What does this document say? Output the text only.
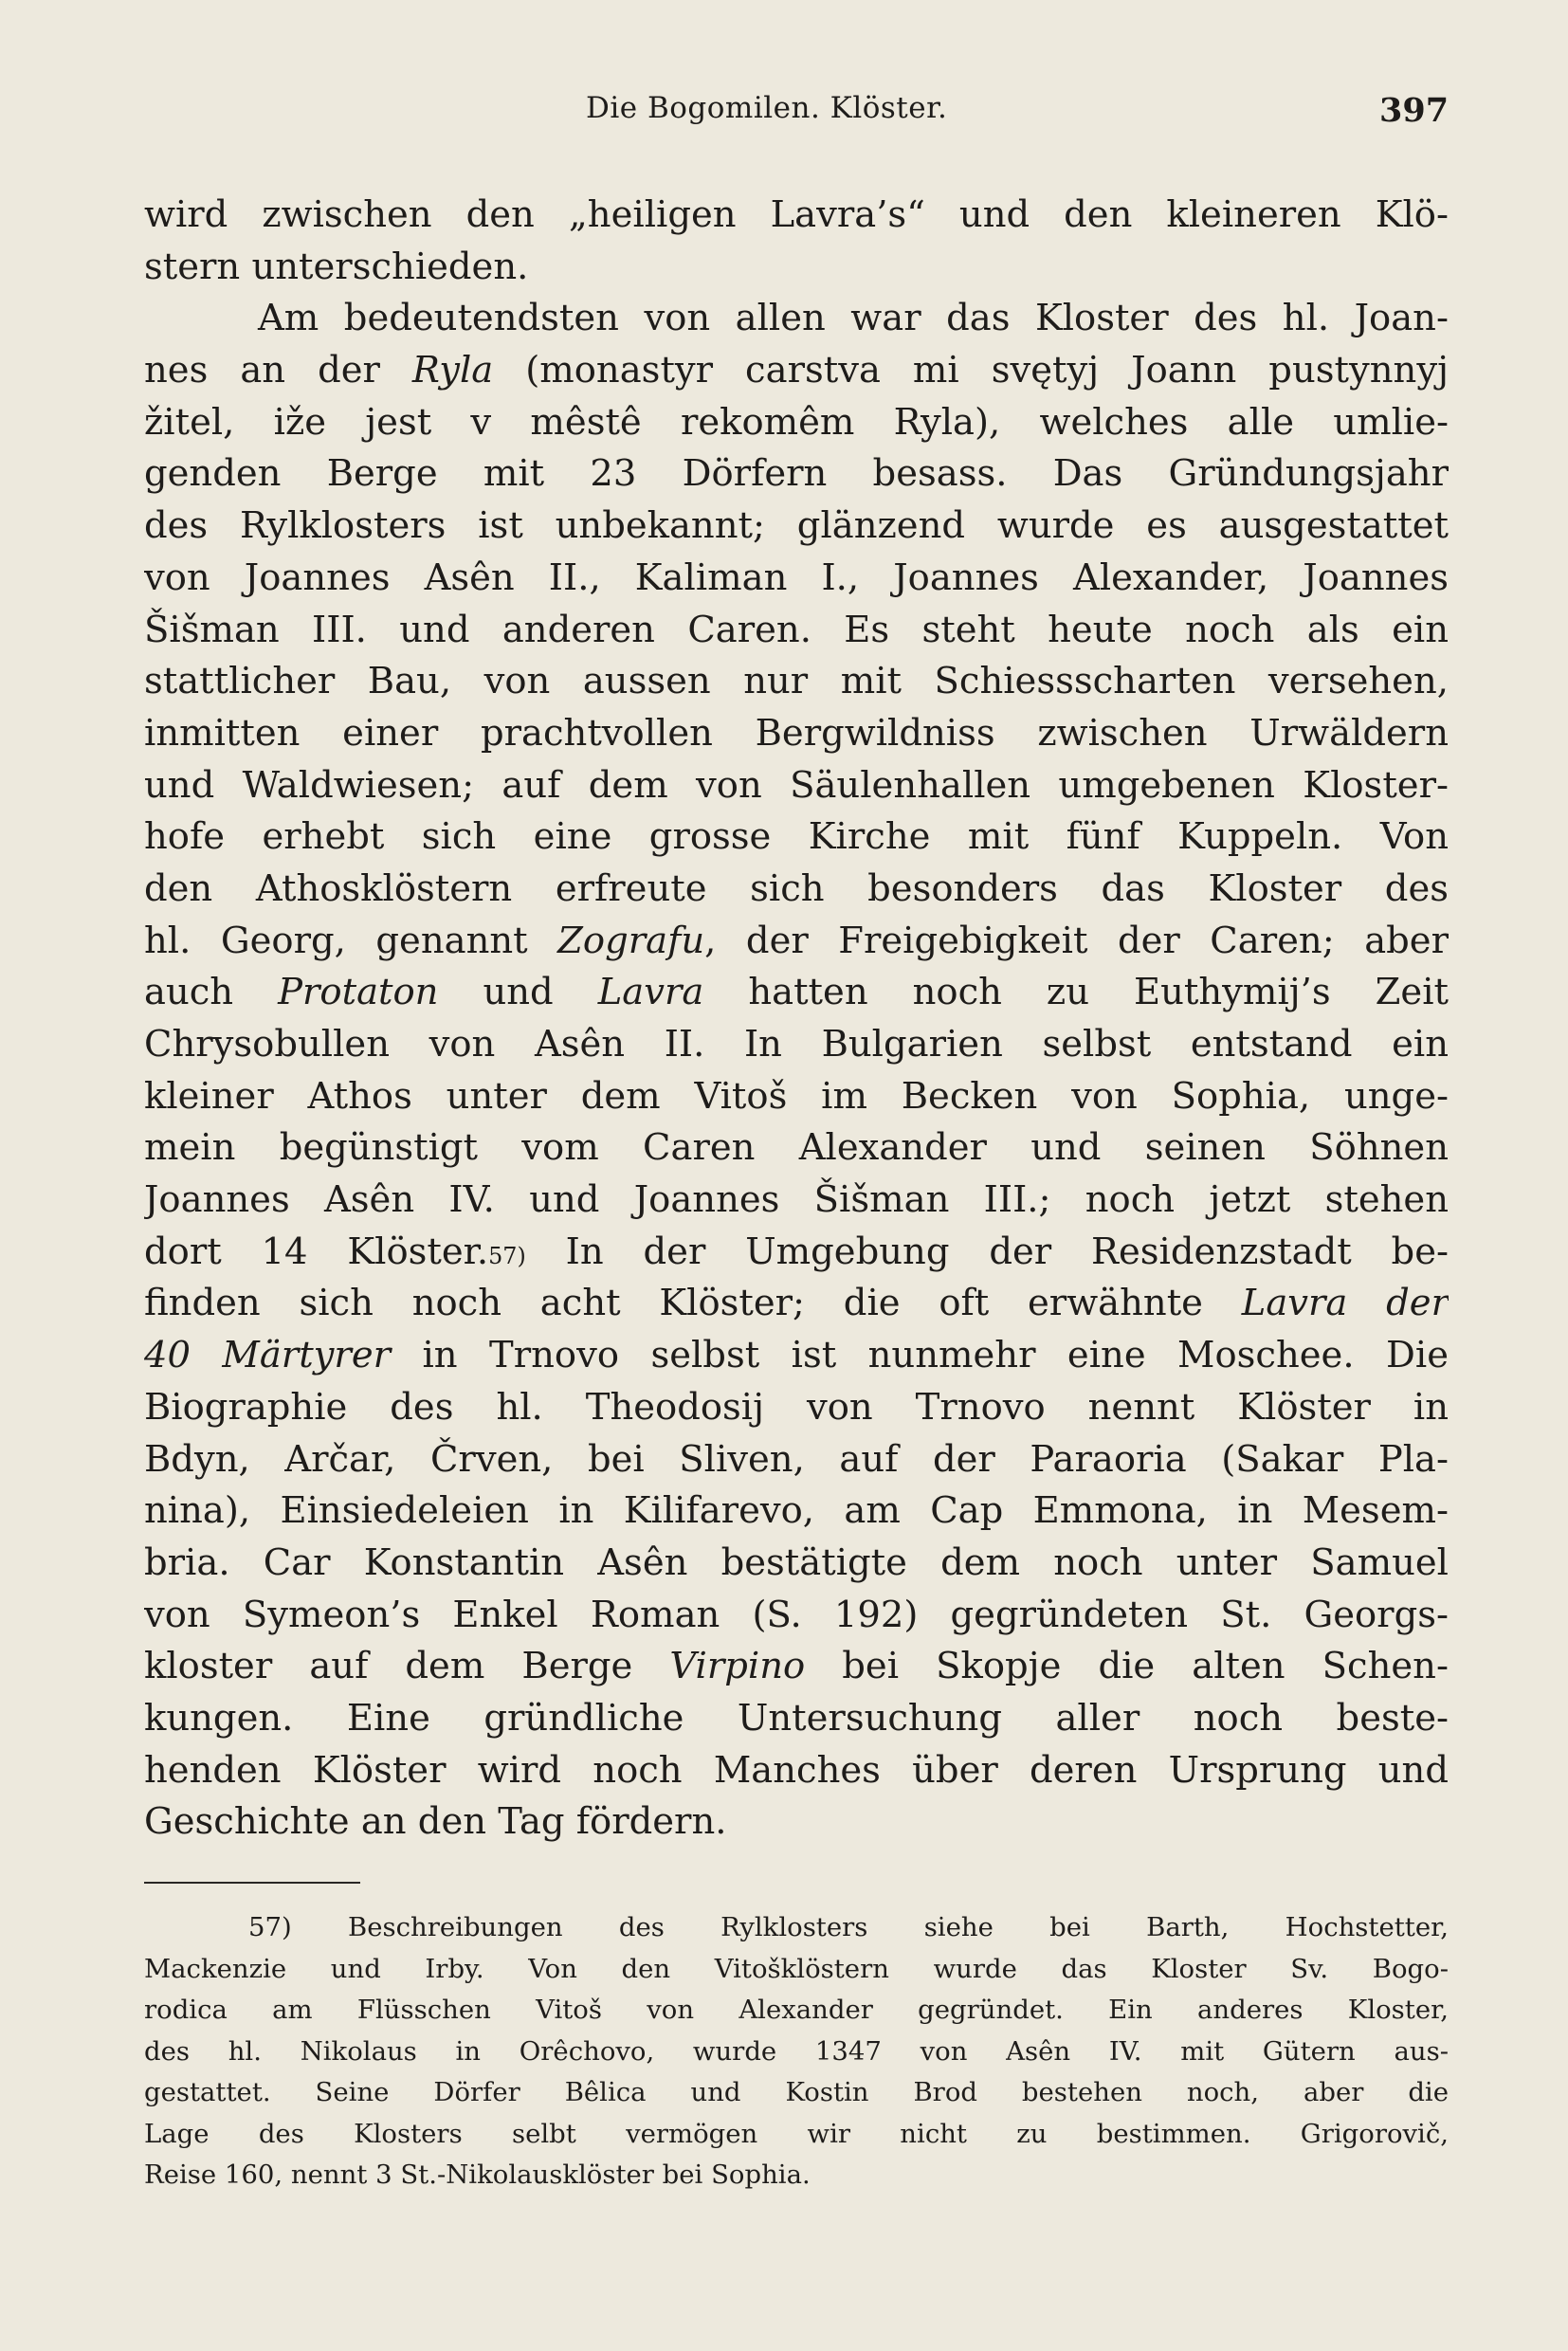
Die Bogomilen. Klöster.	397
wird zwischen den „heiligen Lavra’s“ und den kleineren Klö-
stern unterschieden.
Am bedeutendsten von allen war das Kloster des hl. Joan-
nes an der Ryla (monastyr carstva mi svętyj Joann pustynnyj
žitel, iže jest v mêstê rekomêm Ryla), welches alle umlie-
genden Berge mit 23 Dörfern besass. Das Gründungsjahr
des Rylklosters ist unbekannt; glänzend wurde es ausgestattet
von Joannes Asên II., Kaliman I., Joannes Alexander, Joannes
Šišman III. und anderen Caren. Es steht heute noch als ein
stattlicher Bau, von aussen nur mit Schiessscharten versehen,
inmitten einer prachtvollen Bergwildniss zwischen Urwäldern
und Waldwiesen; auf dem von Säulenhallen umgebenen Kloster-
hofe erhebt sich eine grosse Kirche mit fünf Kuppeln. Von
den Athosklöstern erfreute sich besonders das Kloster des
hl. Georg, genannt Zografu, der Freigebigkeit der Caren; aber
auch Protaton und Lavra hatten noch zu Euthymij’s Zeit
Chrysobullen von Asên II. In Bulgarien selbst entstand ein
kleiner Athos unter dem Vitoš im Becken von Sophia, unge-
mein begünstigt vom Caren Alexander und seinen Söhnen
Joannes Asên IV. und Joannes Šišman III.; noch jetzt stehen
dort 14 Klöster.$^{57)}$ In der Umgebung der Residenzstadt be-
finden sich noch acht Klöster; die oft erwähnte Lavra der
40 Märtyrer in Trnovo selbst ist nunmehr eine Moschee. Die
Biographie des hl. Theodosij von Trnovo nennt Klöster in
Bdyn, Arčar, Črven, bei Sliven, auf der Paraoria (Sakar Pla-
nina), Einsiedeleien in Kilifarevo, am Cap Emmona, in Mesem-
bria. Car Konstantin Asên bestätigte dem noch unter Samuel
von Symeon’s Enkel Roman (S. 192) gegründeten St. Georgs-
kloster auf dem Berge Virpino bei Skopje die alten Schen-
kungen. Eine gründliche Untersuchung aller noch beste-
henden Klöster wird noch Manches über deren Ursprung und
Geschichte an den Tag fördern.
57) Beschreibungen des Rylklosters siehe bei Barth, Hochstetter,
Mackenzie und Irby. Von den Vitošklöstern wurde das Kloster Sv. Bogo-
rodica am Flüsschen Vitoš von Alexander gegründet. Ein anderes Kloster,
des hl. Nikolaus in Orêchovo, wurde 1347 von Asên IV. mit Gütern aus-
gestattet. Seine Dörfer Bêlica und Kostin Brod bestehen noch, aber die
Lage des Klosters selbt vermögen wir nicht zu bestimmen. Grigorovič,
Reise 160, nennt 3 St.-Nikolausklöster bei Sophia.
